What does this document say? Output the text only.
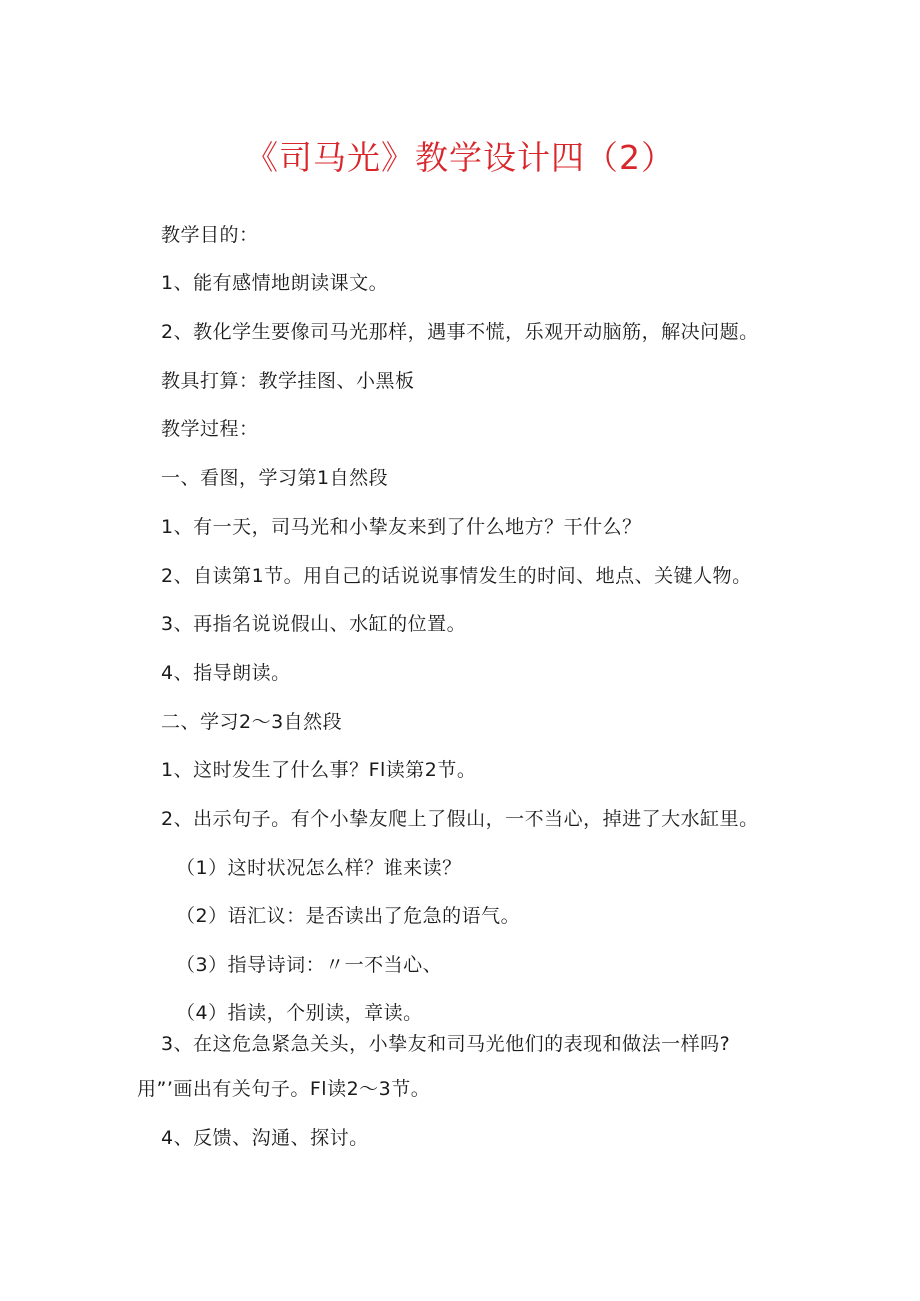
《司马光》教学设计四（2）
教学目的：
1、能有感情地朗读课文。
2、教化学生要像司马光那样，遇事不慌，乐观开动脑筋，解决问题。
教具打算：教学挂图、小黑板
教学过程：
一、看图，学习第1自然段
1、有一天，司马光和小挚友来到了什么地方？干什么？
2、自读第1节。用自己的话说说事情发生的时间、地点、关键人物。
3、再指名说说假山、水缸的位置。
4、指导朗读。
二、学习2～3自然段
1、这时发生了什么事？Fl读第2节。
2、出示句子。有个小挚友爬上了假山，一不当心，掉进了大水缸里。
（1）这时状况怎么样？谁来读？
（2）语汇议：是否读出了危急的语气。
（3）指导诗词：〃一不当心、
（4）指读，个别读，章读。
3、在这危急紧急关头，小挚友和司马光他们的表现和做法一样吗?
用”’画出有关句子。Fl读2～3节。
4、反馈、沟通、探讨。
